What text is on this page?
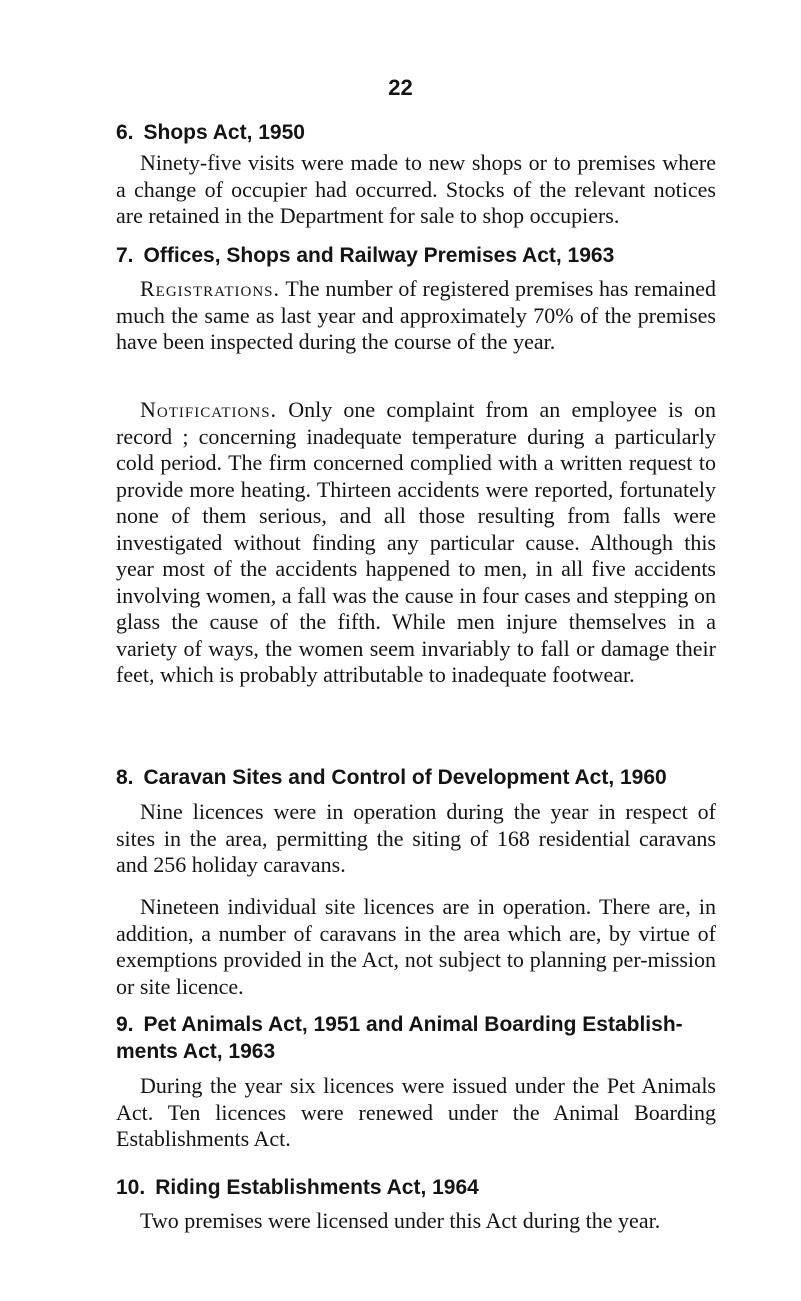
22
6. Shops Act, 1950
Ninety-five visits were made to new shops or to premises where a change of occupier had occurred. Stocks of the relevant notices are retained in the Department for sale to shop occupiers.
7. Offices, Shops and Railway Premises Act, 1963
Registrations. The number of registered premises has remained much the same as last year and approximately 70% of the premises have been inspected during the course of the year.
Notifications. Only one complaint from an employee is on record ; concerning inadequate temperature during a particularly cold period. The firm concerned complied with a written request to provide more heating. Thirteen accidents were reported, fortunately none of them serious, and all those resulting from falls were investigated without finding any particular cause. Although this year most of the accidents happened to men, in all five accidents involving women, a fall was the cause in four cases and stepping on glass the cause of the fifth. While men injure themselves in a variety of ways, the women seem invariably to fall or damage their feet, which is probably attributable to inadequate footwear.
8. Caravan Sites and Control of Development Act, 1960
Nine licences were in operation during the year in respect of sites in the area, permitting the siting of 168 residential caravans and 256 holiday caravans.
Nineteen individual site licences are in operation. There are, in addition, a number of caravans in the area which are, by virtue of exemptions provided in the Act, not subject to planning per-mission or site licence.
9. Pet Animals Act, 1951 and Animal Boarding Establish-ments Act, 1963
During the year six licences were issued under the Pet Animals Act. Ten licences were renewed under the Animal Boarding Establishments Act.
10. Riding Establishments Act, 1964
Two premises were licensed under this Act during the year.
